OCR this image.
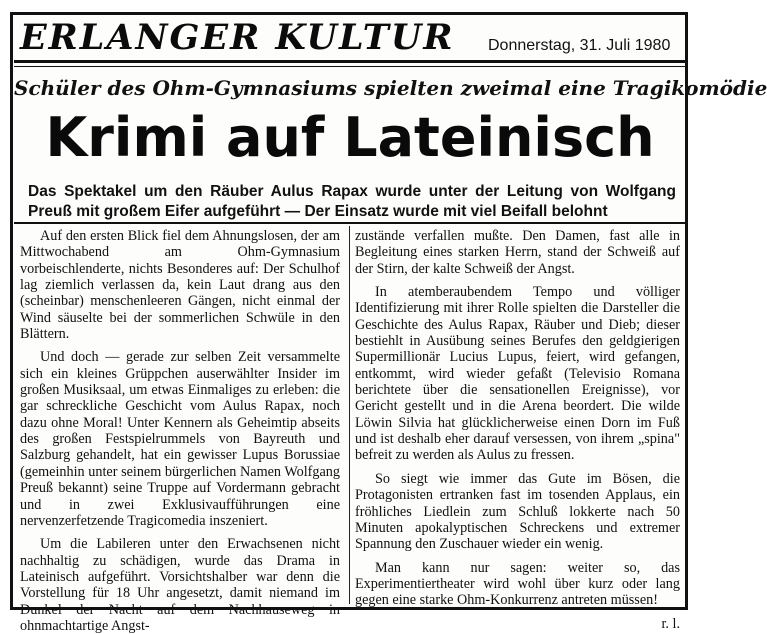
ERLANGER KULTUR	Donnerstag, 31. Juli 1980
Schüler des Ohm-Gymnasiums spielten zweimal eine Tragikomödie
Krimi auf Lateinisch
Das Spektakel um den Räuber Aulus Rapax wurde unter der Leitung von Wolfgang Preuß mit großem Eifer aufgeführt — Der Einsatz wurde mit viel Beifall belohnt

Auf den ersten Blick fiel dem Ahnungslosen, der am Mittwochabend am Ohm-Gymnasium vorbeischlenderte, nichts Besonderes auf: Der Schulhof lag ziemlich verlassen da, kein Laut drang aus den (scheinbar) menschenleeren Gängen, nicht einmal der Wind säuselte bei der sommerlichen Schwüle in den Blättern.

Und doch — gerade zur selben Zeit versammelte sich ein kleines Grüppchen auserwählter Insider im großen Musiksaal, um etwas Einmaliges zu erleben: die gar schreckliche Geschicht vom Aulus Rapax, noch dazu ohne Moral! Unter Kennern als Geheimtip abseits des großen Festspielrummels von Bayreuth und Salzburg gehandelt, hat ein gewisser Lupus Borussiae (gemeinhin unter seinem bürgerlichen Namen Wolfgang Preuß bekannt) seine Truppe auf Vordermann gebracht und in zwei Exklusivaufführungen eine nervenzerfetzende Tragicomedia inszeniert.

Um die Labileren unter den Erwachsenen nicht nachhaltig zu schädigen, wurde das Drama in Lateinisch aufgeführt. Vorsichtshalber war denn die Vorstellung für 18 Uhr angesetzt, damit niemand im Dunkel der Nacht auf dem Nachhauseweg in ohnmachtartige Angst-

zustände verfallen mußte. Den Damen, fast alle in Begleitung eines starken Herrn, stand der Schweiß auf der Stirn, der kalte Schweiß der Angst.

In atemberaubendem Tempo und völliger Identifizierung mit ihrer Rolle spielten die Darsteller die Geschichte des Aulus Rapax, Räuber und Dieb; dieser bestiehlt in Ausübung seines Berufes den geldgierigen Supermillionär Lucius Lupus, feiert, wird gefangen, entkommt, wird wieder gefaßt (Televisio Romana berichtete über die sensationellen Ereignisse), vor Gericht gestellt und in die Arena beordert. Die wilde Löwin Silvia hat glücklicherweise einen Dorn im Fuß und ist deshalb eher darauf versessen, von ihrem „spina" befreit zu werden als Aulus zu fressen.

So siegt wie immer das Gute im Bösen, die Protagonisten ertranken fast im tosenden Applaus, ein fröhliches Liedlein zum Schluß lokkerte nach 50 Minuten apokalyptischen Schreckens und extremer Spannung den Zuschauer wieder ein wenig.

Man kann nur sagen: weiter so, das Experimentiertheater wird wohl über kurz oder lang gegen eine starke Ohm-Konkurrenz antreten müssen!

r. l.
